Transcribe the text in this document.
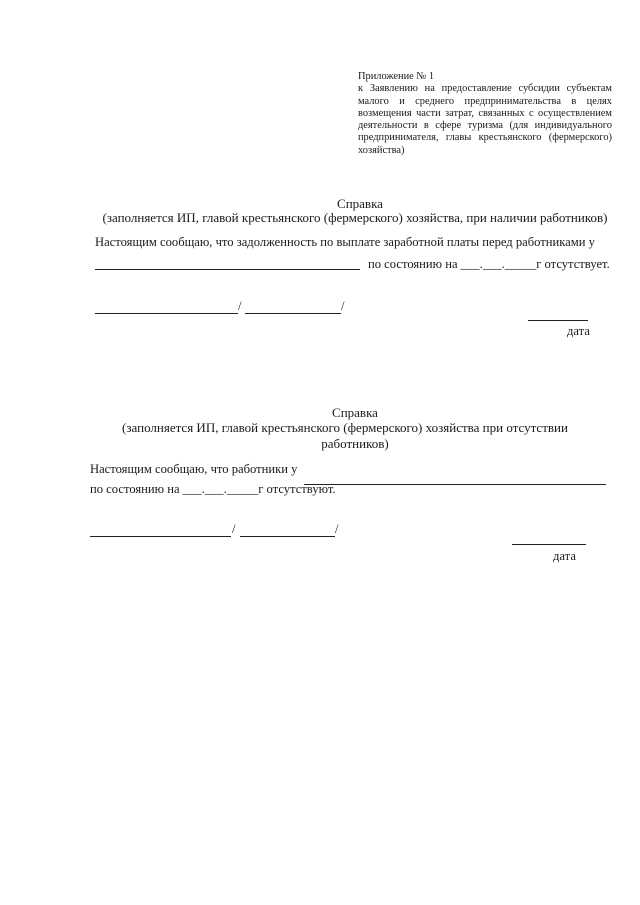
Приложение № 1
к Заявлению на предоставление субсидии субъектам
малого и среднего предпринимательства в целях
возмещения части затрат, связанных с осуществлением
деятельности в сфере туризма (для индивидуального
предпринимателя, главы крестьянского (фермерского)
хозяйства)
Справка
(заполняется ИП, главой крестьянского (фермерского) хозяйства, при наличии работников)
Настоящим сообщаю, что задолженность по выплате заработной платы перед работниками у
по состоянию на ___.___._____г отсутствует.
/	/
дата
Справка
(заполняется ИП, главой крестьянского (фермерского) хозяйства при отсутствии
работников)
Настоящим сообщаю, что работники у
по состоянию на ___.___._____г отсутствуют.
/	/
дата
